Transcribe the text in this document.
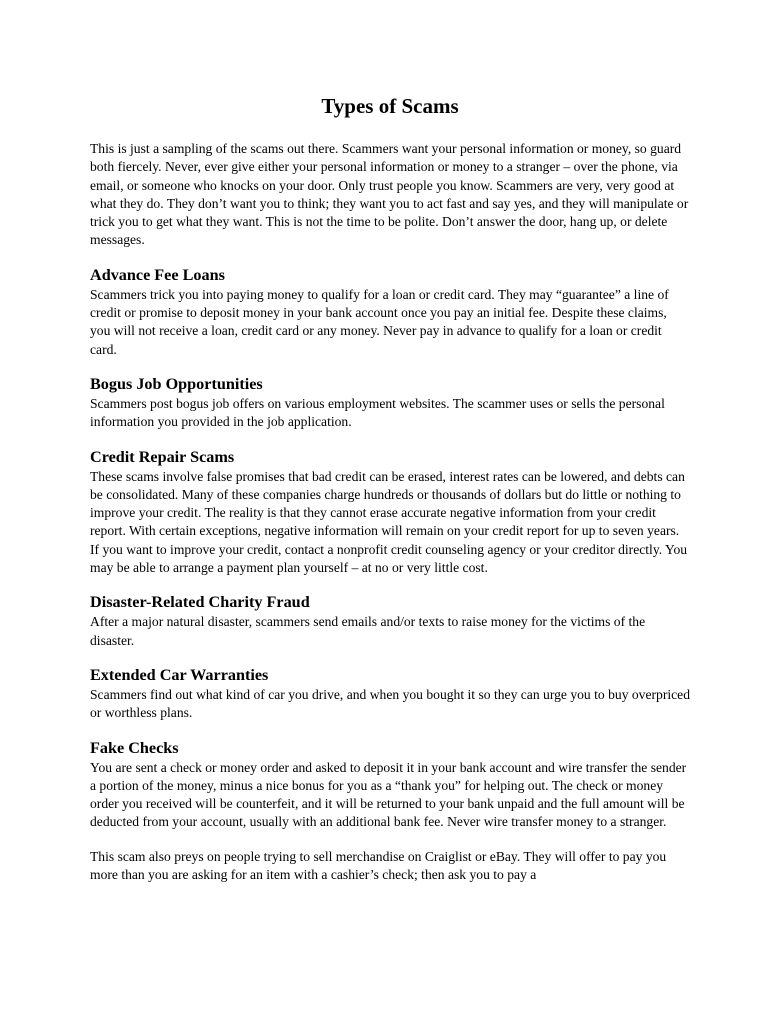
Types of Scams

This is just a sampling of the scams out there. Scammers want your personal information or money, so guard both fiercely. Never, ever give either your personal information or money to a stranger – over the phone, via email, or someone who knocks on your door. Only trust people you know. Scammers are very, very good at what they do. They don’t want you to think; they want you to act fast and say yes, and they will manipulate or trick you to get what they want. This is not the time to be polite. Don’t answer the door, hang up, or delete messages.

Advance Fee Loans

Scammers trick you into paying money to qualify for a loan or credit card. They may “guarantee” a line of credit or promise to deposit money in your bank account once you pay an initial fee. Despite these claims, you will not receive a loan, credit card or any money. Never pay in advance to qualify for a loan or credit card.

Bogus Job Opportunities

Scammers post bogus job offers on various employment websites. The scammer uses or sells the personal information you provided in the job application.

Credit Repair Scams

These scams involve false promises that bad credit can be erased, interest rates can be lowered, and debts can be consolidated. Many of these companies charge hundreds or thousands of dollars but do little or nothing to improve your credit. The reality is that they cannot erase accurate negative information from your credit report. With certain exceptions, negative information will remain on your credit report for up to seven years. If you want to improve your credit, contact a nonprofit credit counseling agency or your creditor directly. You may be able to arrange a payment plan yourself – at no or very little cost.

Disaster-Related Charity Fraud

After a major natural disaster, scammers send emails and/or texts to raise money for the victims of the disaster.

Extended Car Warranties

Scammers find out what kind of car you drive, and when you bought it so they can urge you to buy overpriced or worthless plans.

Fake Checks

You are sent a check or money order and asked to deposit it in your bank account and wire transfer the sender a portion of the money, minus a nice bonus for you as a “thank you” for helping out. The check or money order you received will be counterfeit, and it will be returned to your bank unpaid and the full amount will be deducted from your account, usually with an additional bank fee. Never wire transfer money to a stranger.

This scam also preys on people trying to sell merchandise on Craiglist or eBay. They will offer to pay you more than you are asking for an item with a cashier’s check; then ask you to pay a
